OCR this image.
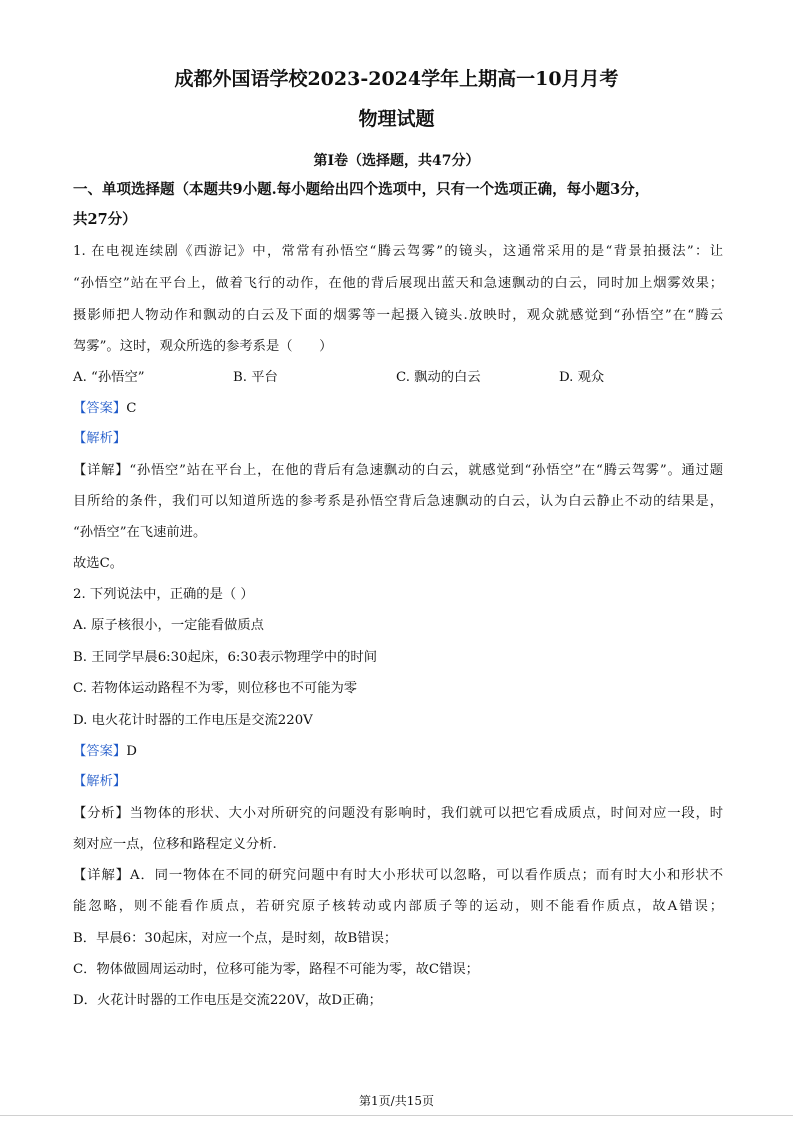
成都外国语学校2023-2024学年上期高一10月月考
物理试题
第Ⅰ卷（选择题，共47分）
一、单项选择题（本题共9小题.每小题给出四个选项中，只有一个选项正确，每小题3分，
共27分）
1. 在电视连续剧《西游记》中，常常有孙悟空“腾云驾雾”的镜头，这通常采用的是“背景拍摄法”：让
“孙悟空”站在平台上，做着飞行的动作，在他的背后展现出蓝天和急速飘动的白云，同时加上烟雾效果；
摄影师把人物动作和飘动的白云及下面的烟雾等一起摄入镜头.放映时，观众就感觉到“孙悟空”在“腾云
驾雾”。这时，观众所选的参考系是（　　）
A. “孙悟空”	B. 平台	C. 飘动的白云	D. 观众
【答案】C
【解析】
【详解】“孙悟空”站在平台上，在他的背后有急速飘动的白云，就感觉到“孙悟空”在“腾云驾雾”。通过题
目所给的条件，我们可以知道所选的参考系是孙悟空背后急速飘动的白云，认为白云静止不动的结果是，
“孙悟空”在飞速前进。
故选C。
2. 下列说法中，正确的是（ ）
A. 原子核很小，一定能看做质点
B. 王同学早晨6:30起床，6:30表示物理学中的时间
C. 若物体运动路程不为零，则位移也不可能为零
D. 电火花计时器的工作电压是交流220V
【答案】D
【解析】
【分析】当物体的形状、大小对所研究的问题没有影响时，我们就可以把它看成质点，时间对应一段，时
刻对应一点，位移和路程定义分析.
【详解】A．同一物体在不同的研究问题中有时大小形状可以忽略，可以看作质点；而有时大小和形状不
能忽略，则不能看作质点，若研究原子核转动或内部质子等的运动，则不能看作质点，故A错误；
B．早晨6：30起床，对应一个点，是时刻，故B错误；
C．物体做圆周运动时，位移可能为零，路程不可能为零，故C错误；
D．火花计时器的工作电压是交流220V，故D正确；
第1页/共15页
